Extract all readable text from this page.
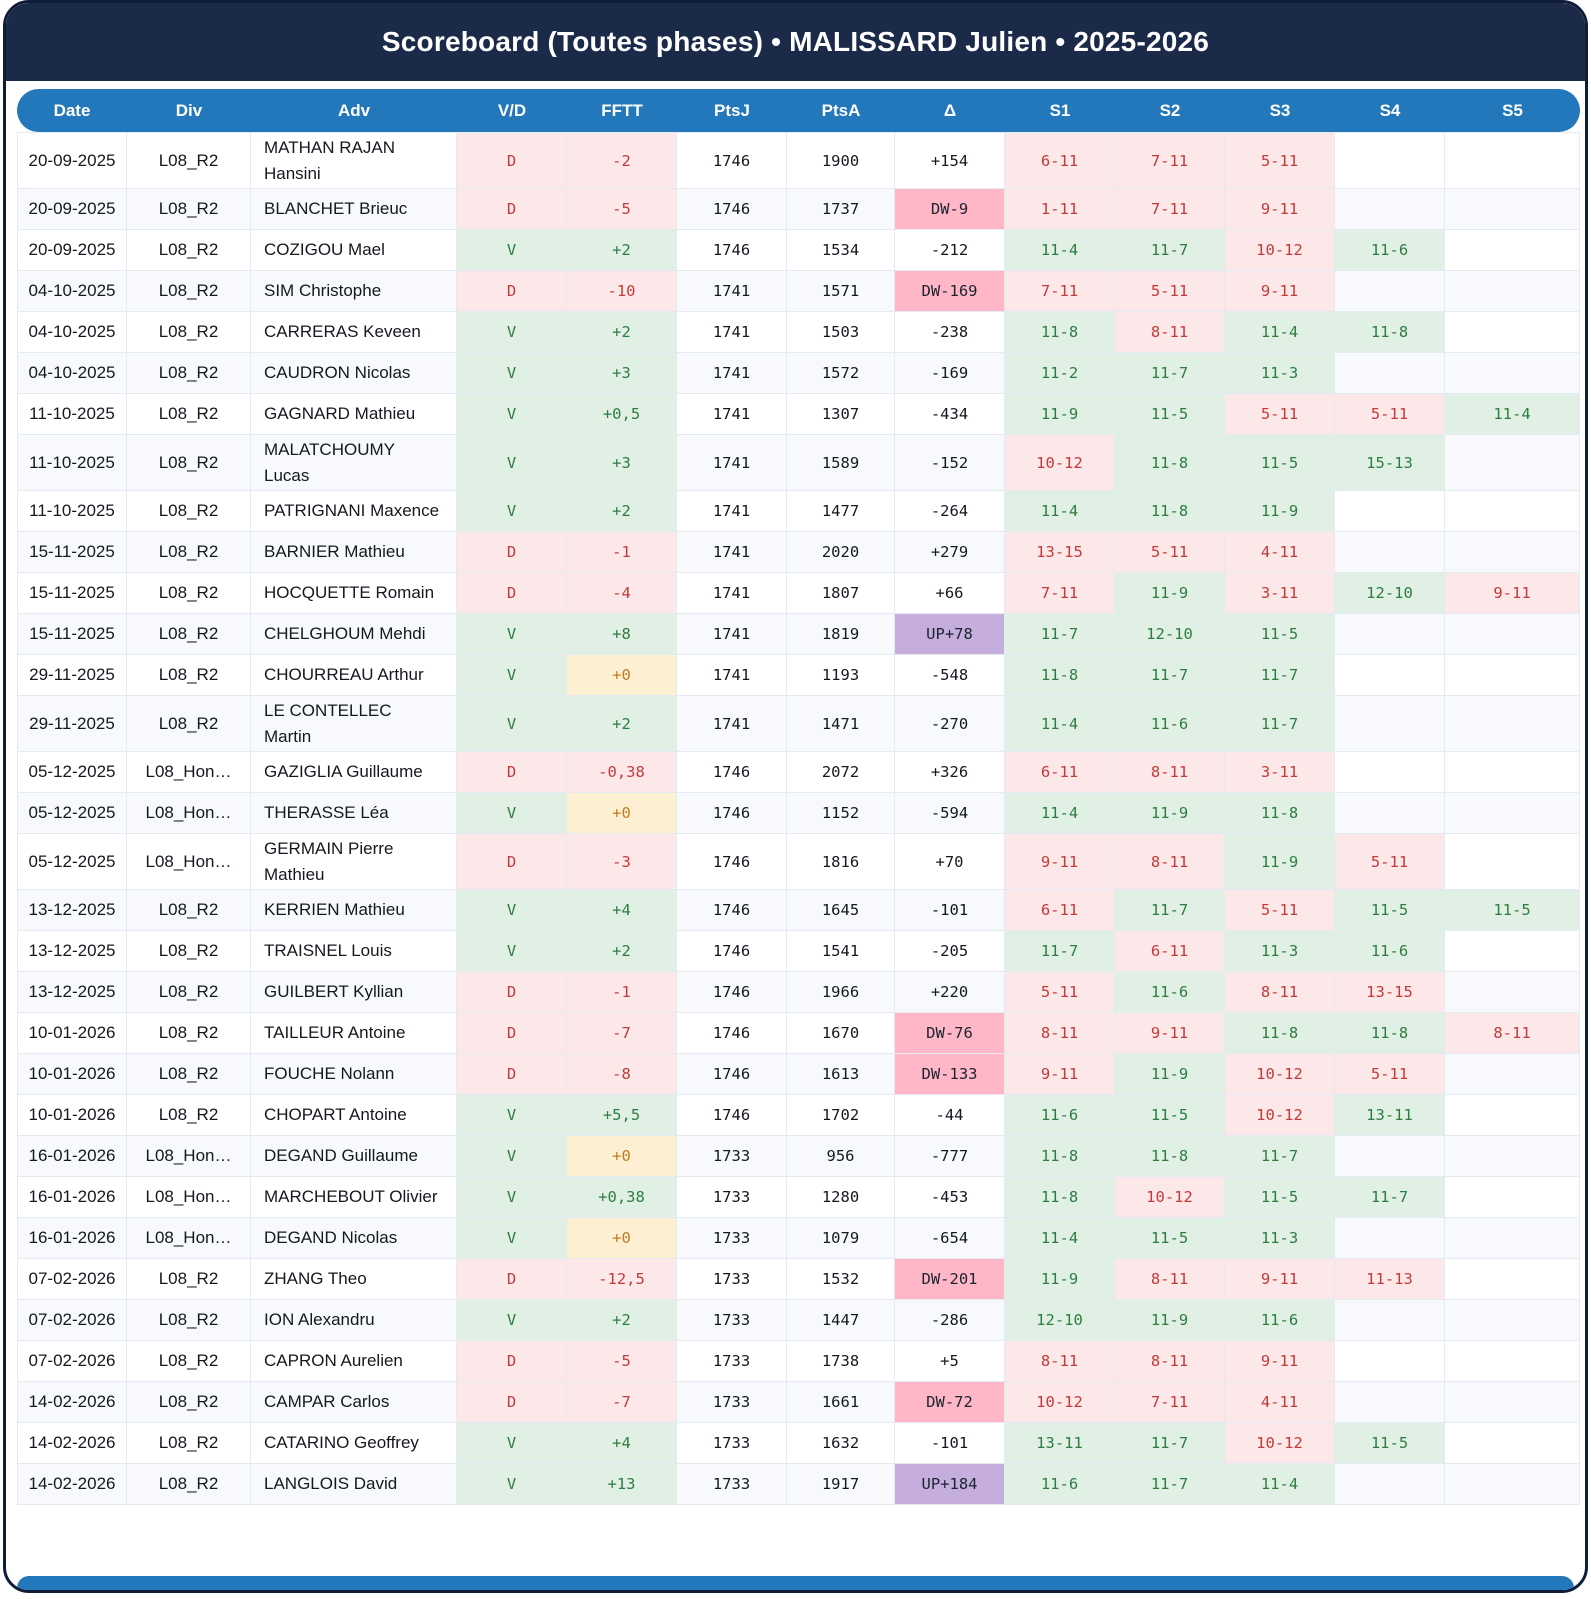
Scoreboard (Toutes phases) • MALISSARD Julien • 2025-2026
Date	Div	Adv	V/D	FFTT	PtsJ	PtsA	Δ	S1	S2	S3	S4	S5
20-09-2025	L08_R2	MATHAN RAJAN Hansini	D	-2	1746	1900	+154	6-11	7-11	5-11		
20-09-2025	L08_R2	BLANCHET Brieuc	D	-5	1746	1737	DW-9	1-11	7-11	9-11		
20-09-2025	L08_R2	COZIGOU Mael	V	+2	1746	1534	-212	11-4	11-7	10-12	11-6	
04-10-2025	L08_R2	SIM Christophe	D	-10	1741	1571	DW-169	7-11	5-11	9-11		
04-10-2025	L08_R2	CARRERAS Keveen	V	+2	1741	1503	-238	11-8	8-11	11-4	11-8	
04-10-2025	L08_R2	CAUDRON Nicolas	V	+3	1741	1572	-169	11-2	11-7	11-3		
11-10-2025	L08_R2	GAGNARD Mathieu	V	+0,5	1741	1307	-434	11-9	11-5	5-11	5-11	11-4
11-10-2025	L08_R2	MALATCHOUMY Lucas	V	+3	1741	1589	-152	10-12	11-8	11-5	15-13	
11-10-2025	L08_R2	PATRIGNANI Maxence	V	+2	1741	1477	-264	11-4	11-8	11-9		
15-11-2025	L08_R2	BARNIER Mathieu	D	-1	1741	2020	+279	13-15	5-11	4-11		
15-11-2025	L08_R2	HOCQUETTE Romain	D	-4	1741	1807	+66	7-11	11-9	3-11	12-10	9-11
15-11-2025	L08_R2	CHELGHOUM Mehdi	V	+8	1741	1819	UP+78	11-7	12-10	11-5		
29-11-2025	L08_R2	CHOURREAU Arthur	V	+0	1741	1193	-548	11-8	11-7	11-7		
29-11-2025	L08_R2	LE CONTELLEC Martin	V	+2	1741	1471	-270	11-4	11-6	11-7		
05-12-2025	L08_Hon…	GAZIGLIA Guillaume	D	-0,38	1746	2072	+326	6-11	8-11	3-11		
05-12-2025	L08_Hon…	THERASSE Léa	V	+0	1746	1152	-594	11-4	11-9	11-8		
05-12-2025	L08_Hon…	GERMAIN Pierre Mathieu	D	-3	1746	1816	+70	9-11	8-11	11-9	5-11	
13-12-2025	L08_R2	KERRIEN Mathieu	V	+4	1746	1645	-101	6-11	11-7	5-11	11-5	11-5
13-12-2025	L08_R2	TRAISNEL Louis	V	+2	1746	1541	-205	11-7	6-11	11-3	11-6	
13-12-2025	L08_R2	GUILBERT Kyllian	D	-1	1746	1966	+220	5-11	11-6	8-11	13-15	
10-01-2026	L08_R2	TAILLEUR Antoine	D	-7	1746	1670	DW-76	8-11	9-11	11-8	11-8	8-11
10-01-2026	L08_R2	FOUCHE Nolann	D	-8	1746	1613	DW-133	9-11	11-9	10-12	5-11	
10-01-2026	L08_R2	CHOPART Antoine	V	+5,5	1746	1702	-44	11-6	11-5	10-12	13-11	
16-01-2026	L08_Hon…	DEGAND Guillaume	V	+0	1733	956	-777	11-8	11-8	11-7		
16-01-2026	L08_Hon…	MARCHEBOUT Olivier	V	+0,38	1733	1280	-453	11-8	10-12	11-5	11-7	
16-01-2026	L08_Hon…	DEGAND Nicolas	V	+0	1733	1079	-654	11-4	11-5	11-3		
07-02-2026	L08_R2	ZHANG Theo	D	-12,5	1733	1532	DW-201	11-9	8-11	9-11	11-13	
07-02-2026	L08_R2	ION Alexandru	V	+2	1733	1447	-286	12-10	11-9	11-6		
07-02-2026	L08_R2	CAPRON Aurelien	D	-5	1733	1738	+5	8-11	8-11	9-11		
14-02-2026	L08_R2	CAMPAR Carlos	D	-7	1733	1661	DW-72	10-12	7-11	4-11		
14-02-2026	L08_R2	CATARINO Geoffrey	V	+4	1733	1632	-101	13-11	11-7	10-12	11-5	
14-02-2026	L08_R2	LANGLOIS David	V	+13	1733	1917	UP+184	11-6	11-7	11-4		
